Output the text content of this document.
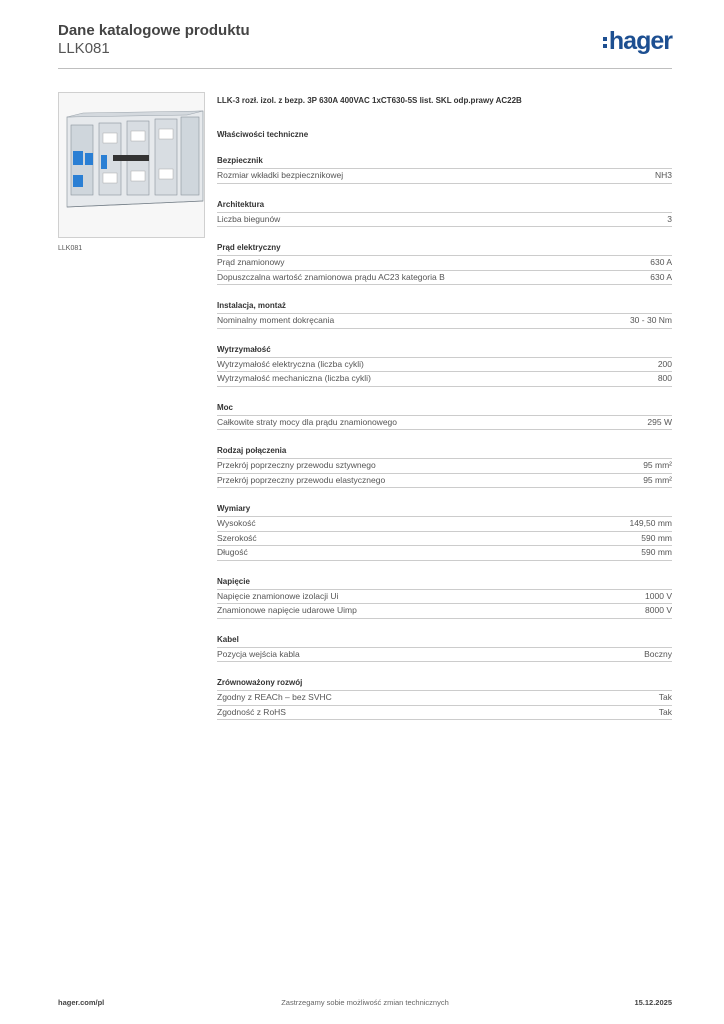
Dane katalogowe produktu
LLK081	hager
LLK081
LLK-3 rozł. izol. z bezp. 3P 630A 400VAC 1xCT630-5S list. SKL odp.prawy AC22B
Właściwości techniczne
Bezpiecznik
Rozmiar wkładki bezpiecznikowej	NH3
Architektura
Liczba biegunów	3
Prąd elektryczny
Prąd znamionowy	630 A
Dopuszczalna wartość znamionowa prądu AC23 kategoria B	630 A
Instalacja, montaż
Nominalny moment dokręcania	30 - 30 Nm
Wytrzymałość
Wytrzymałość elektryczna (liczba cykli)	200
Wytrzymałość mechaniczna (liczba cykli)	800
Moc
Całkowite straty mocy dla prądu znamionowego	295 W
Rodzaj połączenia
Przekrój poprzeczny przewodu sztywnego	95 mm²
Przekrój poprzeczny przewodu elastycznego	95 mm²
Wymiary
Wysokość	149,50 mm
Szerokość	590 mm
Długość	590 mm
Napięcie
Napięcie znamionowe izolacji Ui	1000 V
Znamionowe napięcie udarowe Uimp	8000 V
Kabel
Pozycja wejścia kabla	Boczny
Zrównoważony rozwój
Zgodny z REACh – bez SVHC	Tak
Zgodność z RoHS	Tak
hager.com/pl	Zastrzegamy sobie możliwość zmian technicznych	15.12.2025
